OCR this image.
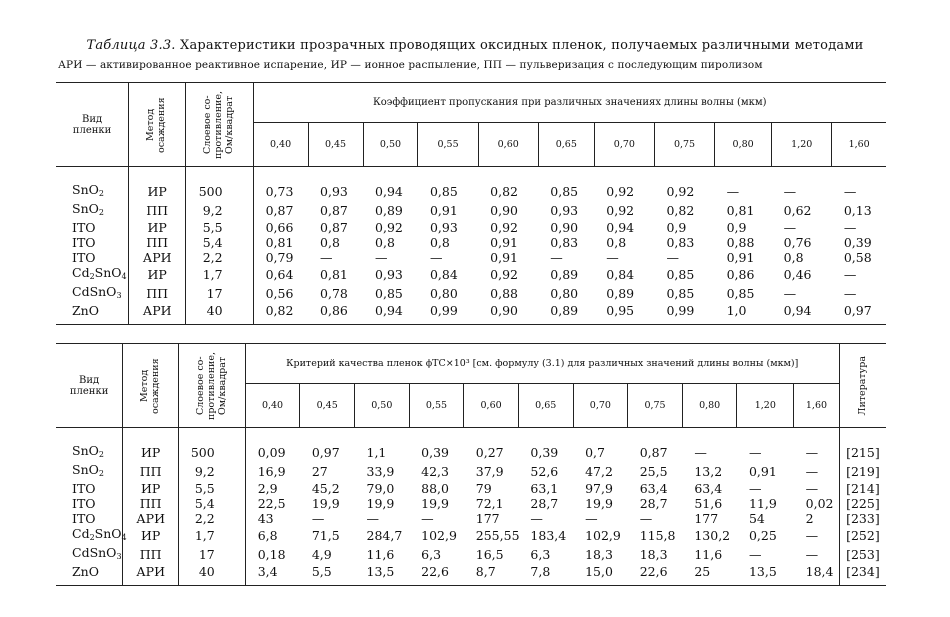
Таблица 3.3. Характеристики прозрачных проводящих оксидных пленок, получаемых различными методами
АРИ — активированное реактивное испарение, ИР — ионное распыление, ПП — пульверизация с последующим пиролизом
Вид пленки	Метод осаждения	Слоевое со-противление, Ом/квадрат	Коэффициент пропускания при различных значениях длины волны (мкм)										
			0,40	0,45	0,50	0,55	0,60	0,65	0,70	0,75	0,80	1,20	1,60
SnO$_2$	ИР	500	0,73	0,93	0,94	0,85	0,82	0,85	0,92	0,92	—	—	—
SnO$_2$	ПП	9,2	0,87	0,87	0,89	0,91	0,90	0,93	0,92	0,82	0,81	0,62	0,13
ITO	ИР	5,5	0,66	0,87	0,92	0,93	0,92	0,90	0,94	0,9	0,9	—	—
ITO	ПП	5,4	0,81	0,8	0,8	0,8	0,91	0,83	0,8	0,83	0,88	0,76	0,39
ITO	АРИ	2,2	0,79	—	—	—	0,91	—	—	—	0,91	0,8	0,58
$Cd_2SnO_4$	ИР	1,7	0,64	0,81	0,93	0,84	0,92	0,89	0,84	0,85	0,86	0,46	—
CdSnO$_3$	ПП	17	0,56	0,78	0,85	0,80	0,88	0,80	0,89	0,85	0,85	—	—
ZnO	АРИ	40	0,82	0,86	0,94	0,99	0,90	0,89	0,95	0,99	1,0	0,94	0,97
Вид пленки	Метод осаждения	Слоевое со-противление, Ом/квадрат	Критерий качества пленок ϕTC×10³ [см. формулу (3.1) для различных значений длины волны (мкм)]											Литература

			0,40	0,45	0,50	0,55	0,60	0,65	0,70	0,75	0,80	1,20	1,60	
SnO$_2$	ИР	500	0,09	0,97	1,1	0,39	0,27	0,39	0,7	0,87	—	—	—	[215]
SnO$_2$	ПП	9,2	16,9	27	33,9	42,3	37,9	52,6	47,2	25,5	13,2	0,91	—	[219]
ITO	ИР	5,5	2,9	45,2	79,0	88,0	79	63,1	97,9	63,4	63,4	—	—	[214]
ITO	ПП	5,4	22,5	19,9	19,9	19,9	72,1	28,7	19,9	28,7	51,6	11,9	0,02	[225]
ITO	АРИ	2,2	43	—	—	—	177	—	—	—	177	54	2	[233]
$Cd_2SnO_4$	ИР	1,7	6,8	71,5	284,7	102,9	255,55	183,4	102,9	115,8	130,2	0,25	—	[252]
CdSnO$_3$	ПП	17	0,18	4,9	11,6	6,3	16,5	6,3	18,3	18,3	11,6	—	—	[253]
ZnO	АРИ	40	3,4	5,5	13,5	22,6	8,7	7,8	15,0	22,6	25	13,5	18,4	[234]
